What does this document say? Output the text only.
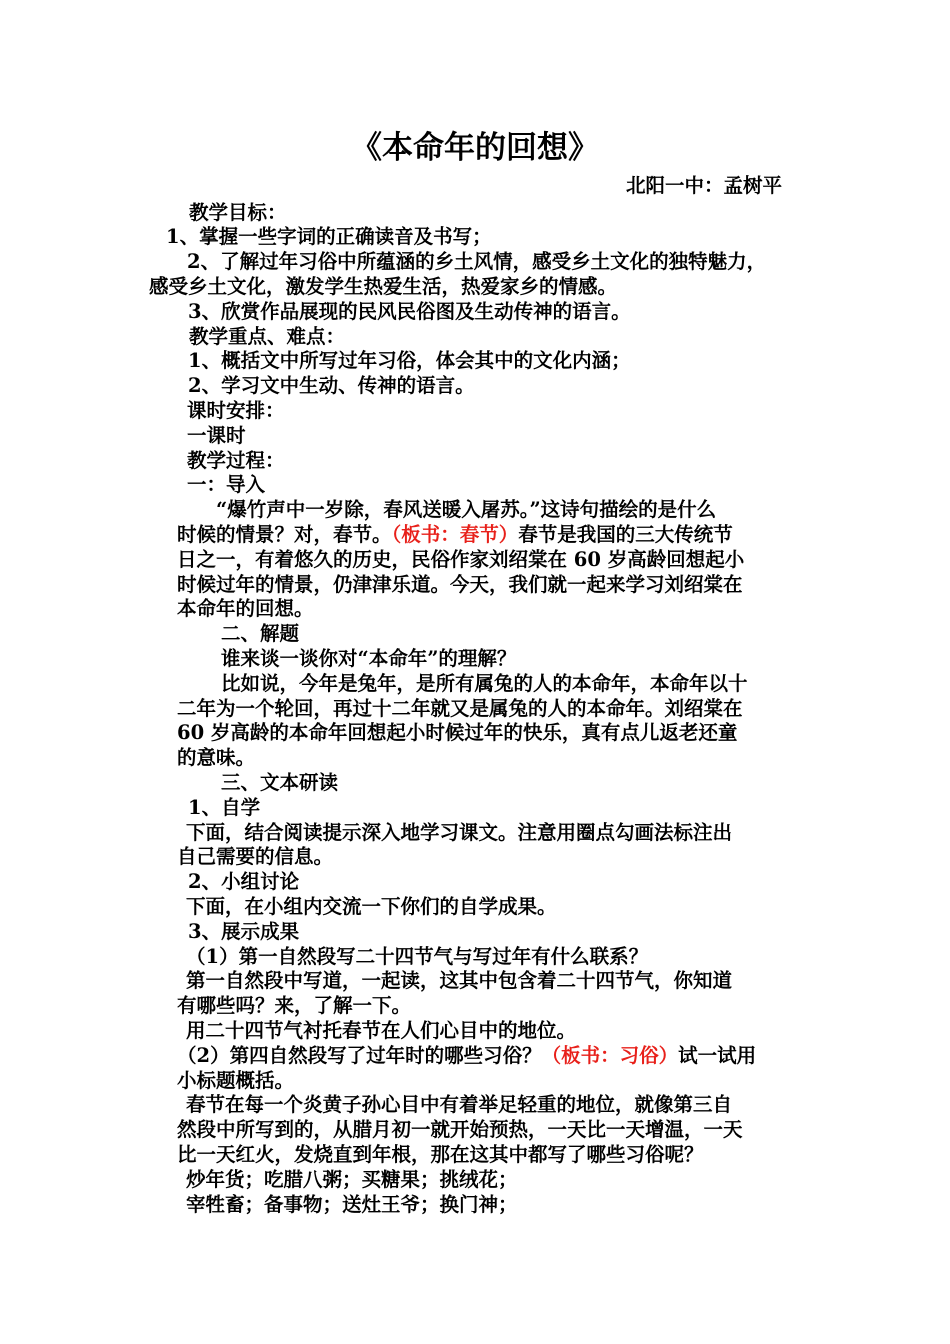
《本命年的回想》
北阳一中：孟树平
教学目标：
1、掌握一些字词的正确读音及书写；
2、了解过年习俗中所蕴涵的乡土风情，感受乡土文化的独特魅力，
感受乡土文化，激发学生热爱生活，热爱家乡的情感。
3、欣赏作品展现的民风民俗图及生动传神的语言。
教学重点、难点：
1、概括文中所写过年习俗，体会其中的文化内涵；
2、学习文中生动、传神的语言。
课时安排：
一课时
教学过程：
一：导入
“爆竹声中一岁除，春风送暖入屠苏。”这诗句描绘的是什么
时候的情景？对，春节。（板书：春节）春节是我国的三大传统节
日之一，有着悠久的历史，民俗作家刘绍棠在 60 岁高龄回想起小
时候过年的情景，仍津津乐道。今天，我们就一起来学习刘绍棠在
本命年的回想。
二、解题
谁来谈一谈你对“本命年”的理解？
比如说，今年是兔年，是所有属兔的人的本命年，本命年以十
二年为一个轮回，再过十二年就又是属兔的人的本命年。刘绍棠在
60 岁高龄的本命年回想起小时候过年的快乐，真有点儿返老还童
的意味。
三、文本研读
1、自学
下面，结合阅读提示深入地学习课文。注意用圈点勾画法标注出
自己需要的信息。
2、小组讨论
下面，在小组内交流一下你们的自学成果。
3、展示成果
（1）第一自然段写二十四节气与写过年有什么联系？
第一自然段中写道，一起读，这其中包含着二十四节气，你知道
有哪些吗？来，了解一下。
用二十四节气衬托春节在人们心目中的地位。
（2）第四自然段写了过年时的哪些习俗？（板书：习俗）试一试用
小标题概括。
春节在每一个炎黄子孙心目中有着举足轻重的地位，就像第三自
然段中所写到的，从腊月初一就开始预热，一天比一天增温，一天
比一天红火，发烧直到年根，那在这其中都写了哪些习俗呢？
炒年货；吃腊八粥；买糖果；挑绒花；
宰牲畜；备事物；送灶王爷；换门神；
